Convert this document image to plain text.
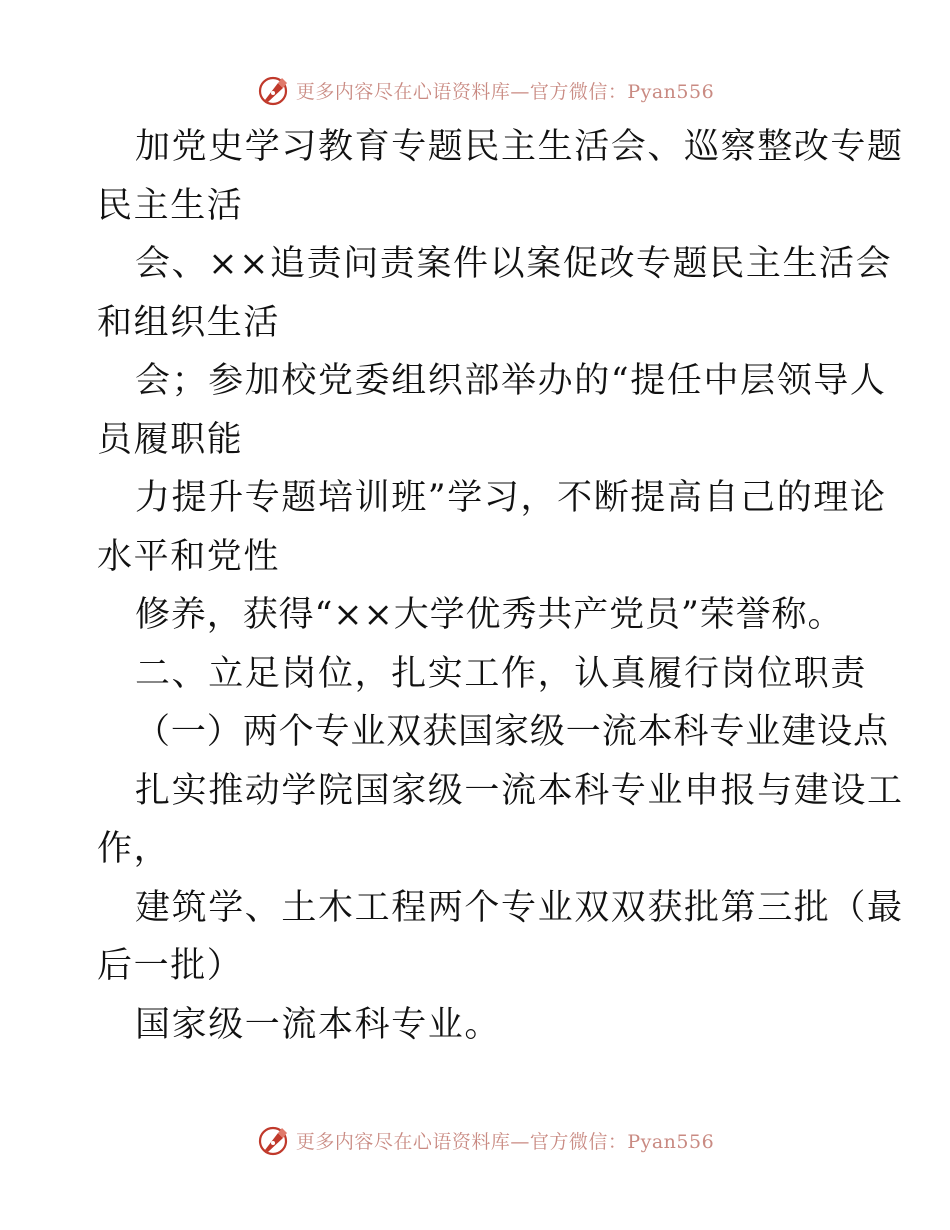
更多内容尽在心语资料库—官方微信：Pyan556

加党史学习教育专题民主生活会、巡察整改专题

民主生活

会、××追责问责案件以案促改专题民主生活会

和组织生活

会；参加校党委组织部举办的“提任中层领导人

员履职能

力提升专题培训班”学习，不断提高自己的理论

水平和党性

修养，获得“××大学优秀共产党员”荣誉称。

二、立足岗位，扎实工作，认真履行岗位职责

（一）两个专业双获国家级一流本科专业建设点

扎实推动学院国家级一流本科专业申报与建设工

作，

建筑学、土木工程两个专业双双获批第三批（最

后一批）

国家级一流本科专业。

更多内容尽在心语资料库—官方微信：Pyan556
